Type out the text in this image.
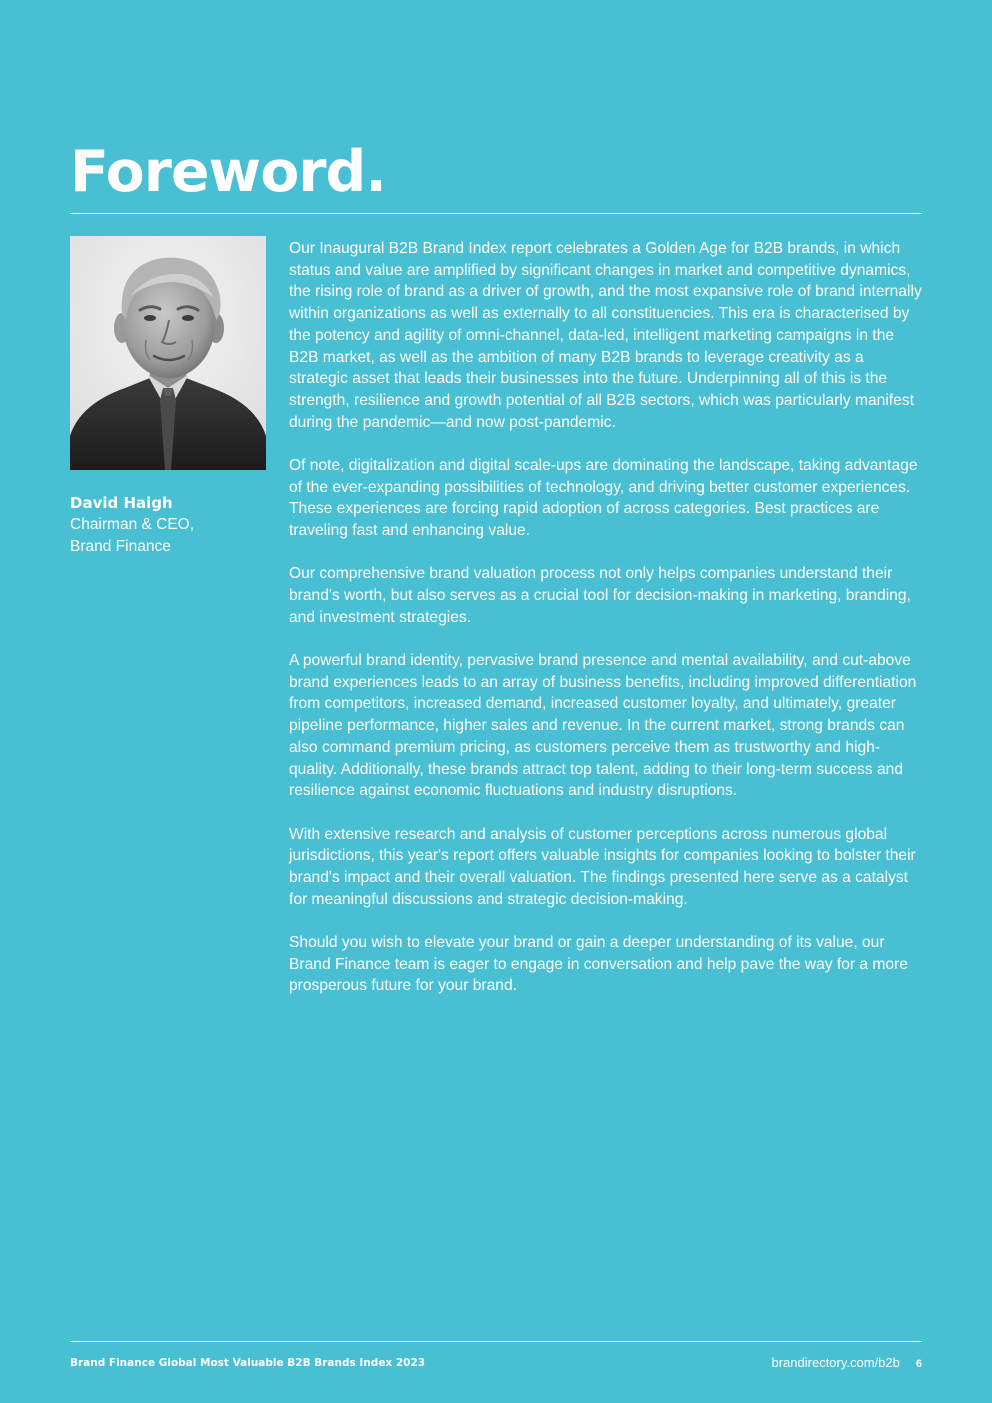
Foreword.
David Haigh
Chairman & CEO,
Brand Finance

Our Inaugural B2B Brand Index report celebrates a Golden Age for B2B brands, in which status and value are amplified by significant changes in market and competitive dynamics, the rising role of brand as a driver of growth, and the most expansive role of brand internally within organizations as well as externally to all constituencies. This era is characterised by the potency and agility of omni-channel, data-led, intelligent marketing campaigns in the B2B market, as well as the ambition of many B2B brands to leverage creativity as a strategic asset that leads their businesses into the future. Underpinning all of this is the strength, resilience and growth potential of all B2B sectors, which was particularly manifest during the pandemic—and now post-pandemic.

Of note, digitalization and digital scale-ups are dominating the landscape, taking advantage of the ever-expanding possibilities of technology, and driving better customer experiences. These experiences are forcing rapid adoption of across categories. Best practices are traveling fast and enhancing value.

Our comprehensive brand valuation process not only helps companies understand their brand's worth, but also serves as a crucial tool for decision-making in marketing, branding, and investment strategies.

A powerful brand identity, pervasive brand presence and mental availability, and cut-above brand experiences leads to an array of business benefits, including improved differentiation from competitors, increased demand, increased customer loyalty, and ultimately, greater pipeline performance, higher sales and revenue. In the current market, strong brands can also command premium pricing, as customers perceive them as trustworthy and high-quality. Additionally, these brands attract top talent, adding to their long-term success and resilience against economic fluctuations and industry disruptions.

With extensive research and analysis of customer perceptions across numerous global jurisdictions, this year's report offers valuable insights for companies looking to bolster their brand's impact and their overall valuation. The findings presented here serve as a catalyst for meaningful discussions and strategic decision-making.

Should you wish to elevate your brand or gain a deeper understanding of its value, our Brand Finance team is eager to engage in conversation and help pave the way for a more prosperous future for your brand.

Brand Finance Global Most Valuable B2B Brands Index 2023	brandirectory.com/b2b 6
